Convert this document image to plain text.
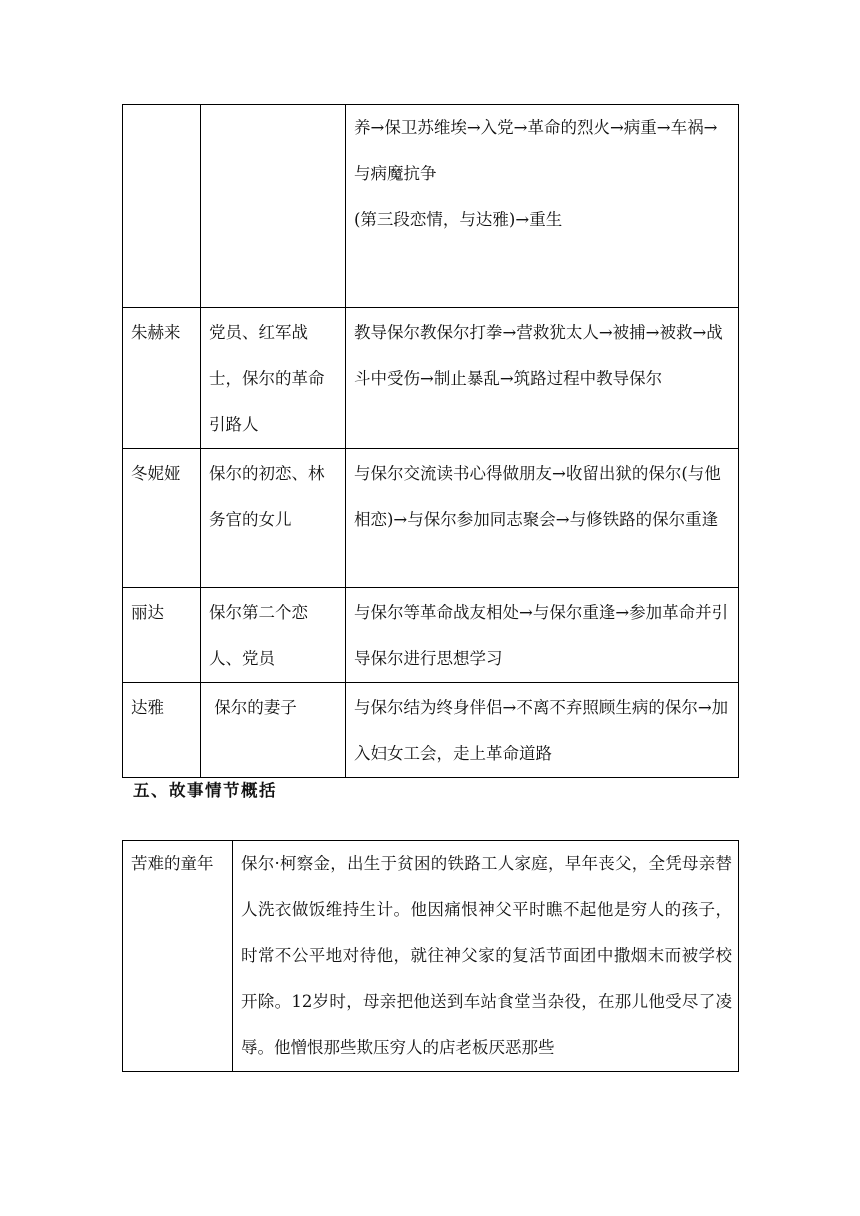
		养→保卫苏维埃→入党→革命的烈火→病重→车祸→与病魔抗争
(第三段恋情，与达雅)→重生
朱赫来	党员、红军战士，保尔的革命引路人	教导保尔教保尔打拳→营救犹太人→被捕→被救→战斗中受伤→制止暴乱→筑路过程中教导保尔
冬妮娅	保尔的初恋、林务官的女儿	与保尔交流读书心得做朋友→收留出狱的保尔(与他相恋)→与保尔参加同志聚会→与修铁路的保尔重逢
丽达	保尔第二个恋人、党员	与保尔等革命战友相处→与保尔重逢→参加革命并引导保尔进行思想学习
达雅	保尔的妻子	与保尔结为终身伴侣→不离不弃照顾生病的保尔→加入妇女工会，走上革命道路
五、故事情节概括
苦难的童年	保尔·柯察金，出生于贫困的铁路工人家庭，早年丧父，全凭母亲替人洗衣做饭维持生计。他因痛恨神父平时瞧不起他是穷人的孩子，时常不公平地对待他，就往神父家的复活节面团中撒烟末而被学校开除。12岁时，母亲把他送到车站食堂当杂役，在那儿他受尽了凌辱。他憎恨那些欺压穷人的店老板厌恶那些
